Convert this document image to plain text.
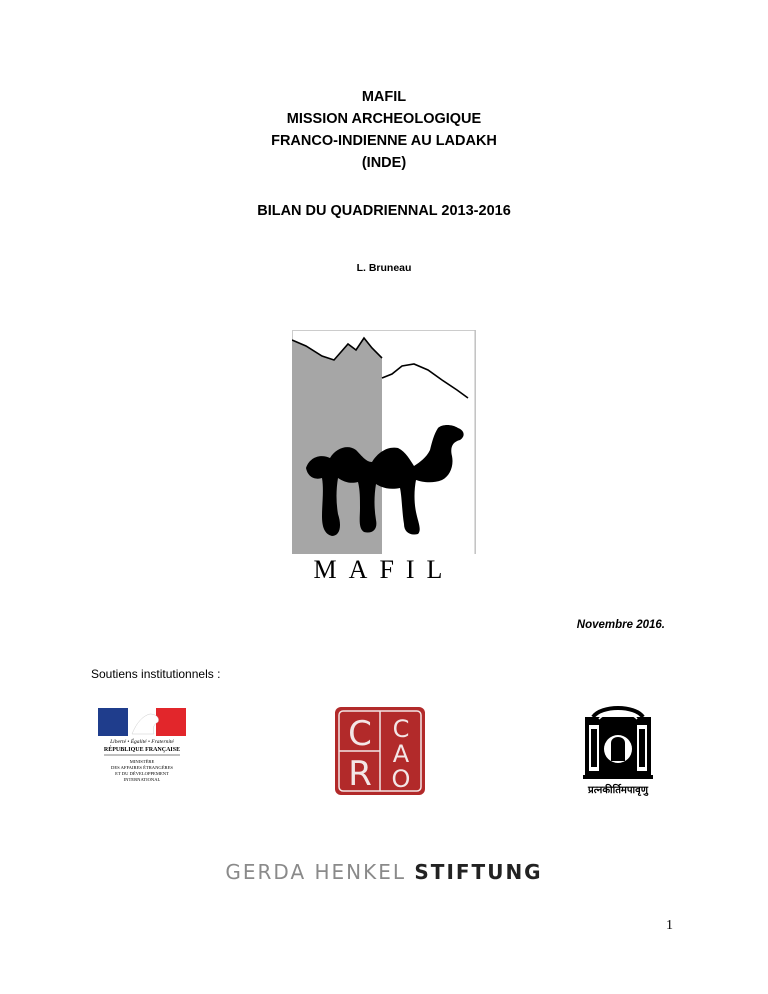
MAFIL
MISSION ARCHEOLOGIQUE
FRANCO-INDIENNE AU LADAKH
(INDE)
BILAN DU QUADRIENNAL 2013-2016
L. Bruneau
MAFIL
Novembre 2016.
Soutiens institutionnels :
Liberté • Égalité • Fraternité
RÉPUBLIQUE FRANÇAISE
MINISTÈRE
DES AFFAIRES ÉTRANGÈRES
ET DU DÉVELOPPEMENT
INTERNATIONAL
C
R
C
A
O	प्रत्नकीर्तिमपावृणु
GERDA HENKEL STIFTUNG
1
